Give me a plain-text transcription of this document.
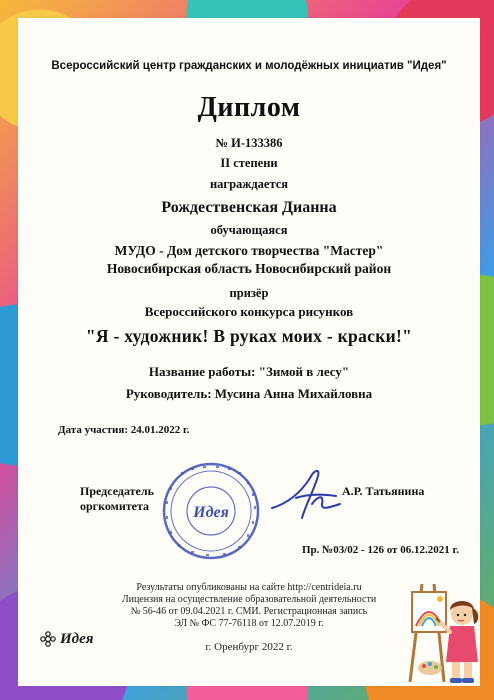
Всероссийский центр гражданских и молодёжных инициатив "Идея"
Диплом
№ И-133386
II степени
награждается
Рождественская Дианна
обучающаяся
МУДО - Дом детского творчества "Мастер"
Новосибирская область Новосибирский район
призёр
Всероссийского конкурса рисунков
"Я - художник! В руках моих - краски!"
Название работы: "Зимой в лесу"
Руководитель: Мусина Анна Михайловна
Дата участия: 24.01.2022 г.
Председатель
оргкомитета	Идея
А.Р. Татьянина
Пр. №03/02 - 126 от 06.12.2021 г.
Результаты опубликованы на сайте http://centrideia.ru
Лицензия на осуществление образовательной деятельности
№ 56-46 от 09.04.2021 г. СМИ. Регистрационная запись
ЭЛ № ФС 77-76118 от 12.07.2019 г.
г. Оренбург 2022 г.
Идея
